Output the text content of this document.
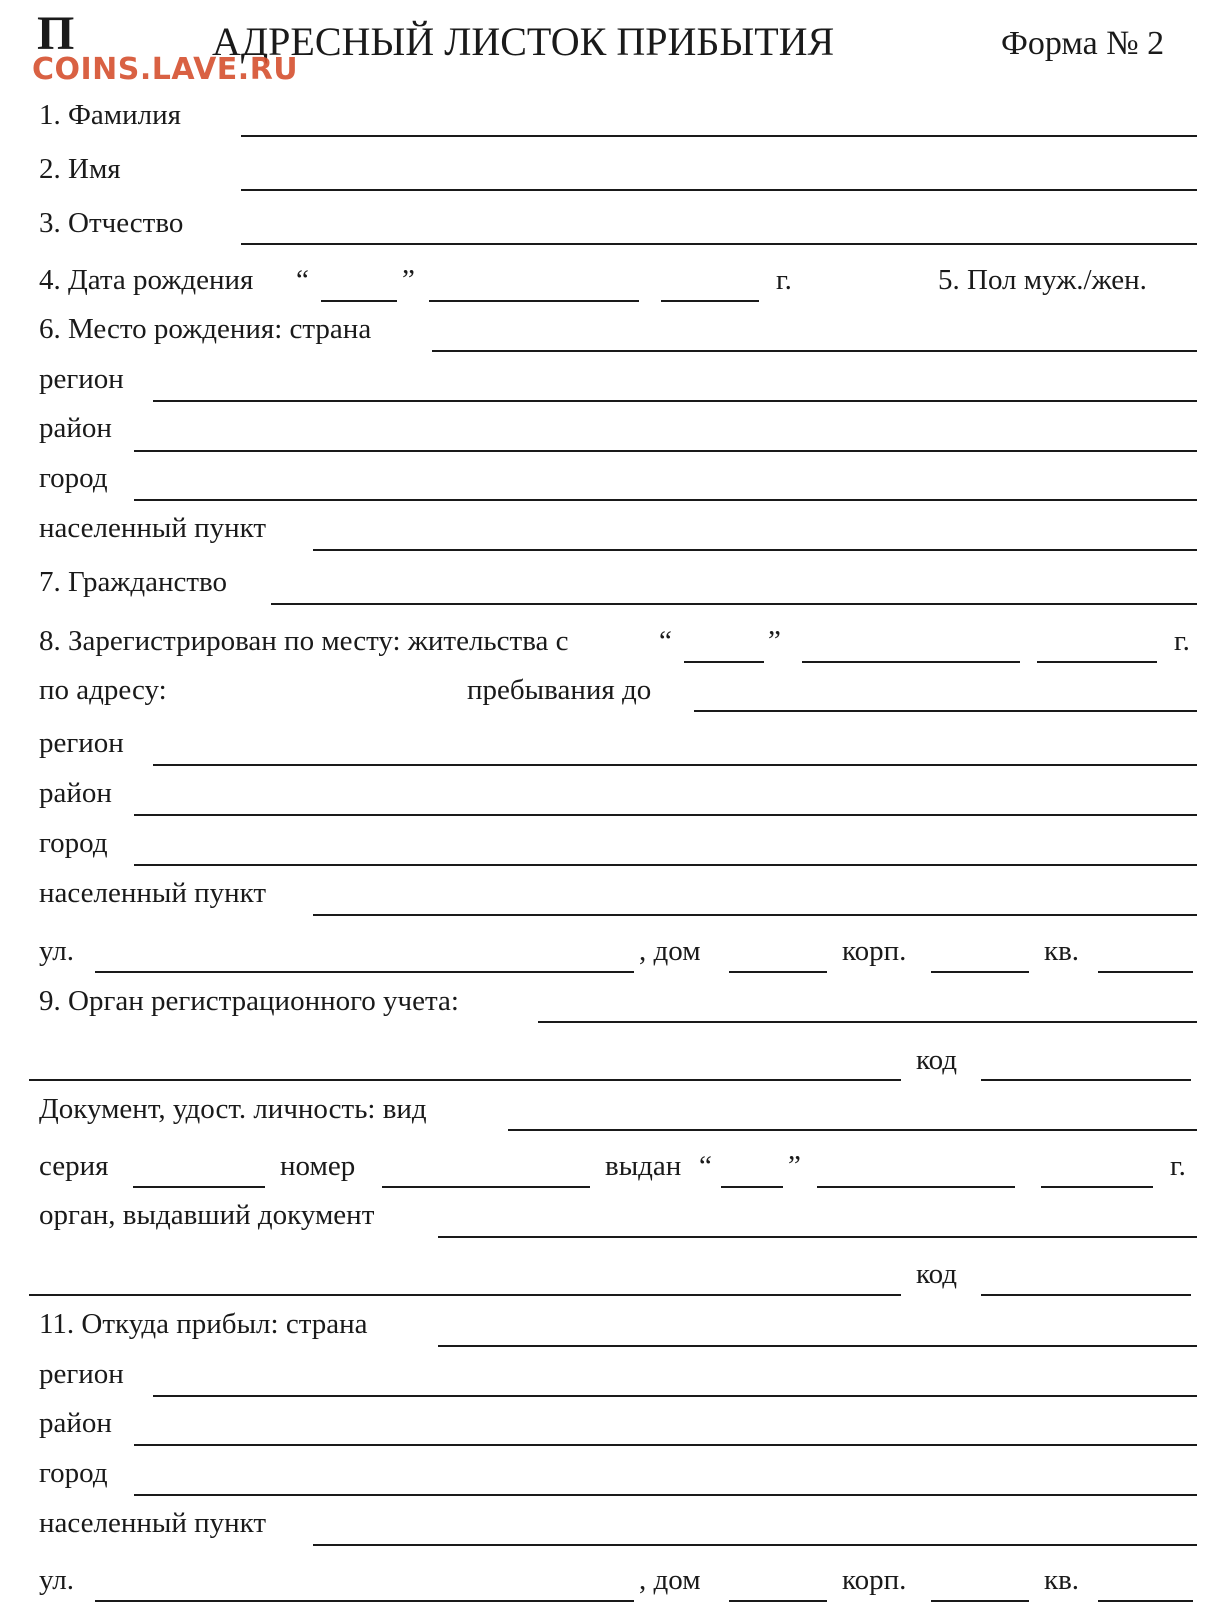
П	АДРЕСНЫЙ ЛИСТОК ПРИБЫТИЯ	Форма № 2
COINS.LAVE.RU
1. Фамилия
2. Имя
3. Отчество
4. Дата рождения “	”	г.	5. Пол муж./жен.
6. Место рождения: страна
регион
район
город
населенный пункт
7. Гражданство
8. Зарегистрирован по месту: жительства с	“	”	г.
по адресу:	пребывания до
регион
район
город
населенный пункт
ул.	, дом	корп.	кв.
9. Орган регистрационного учета:
код
Документ, удост. личность: вид
серия	номер	выдан “	”	г.
орган, выдавший документ
код
11. Откуда прибыл: страна
регион
район
город
населенный пункт
ул.	, дом	корп.	кв.
